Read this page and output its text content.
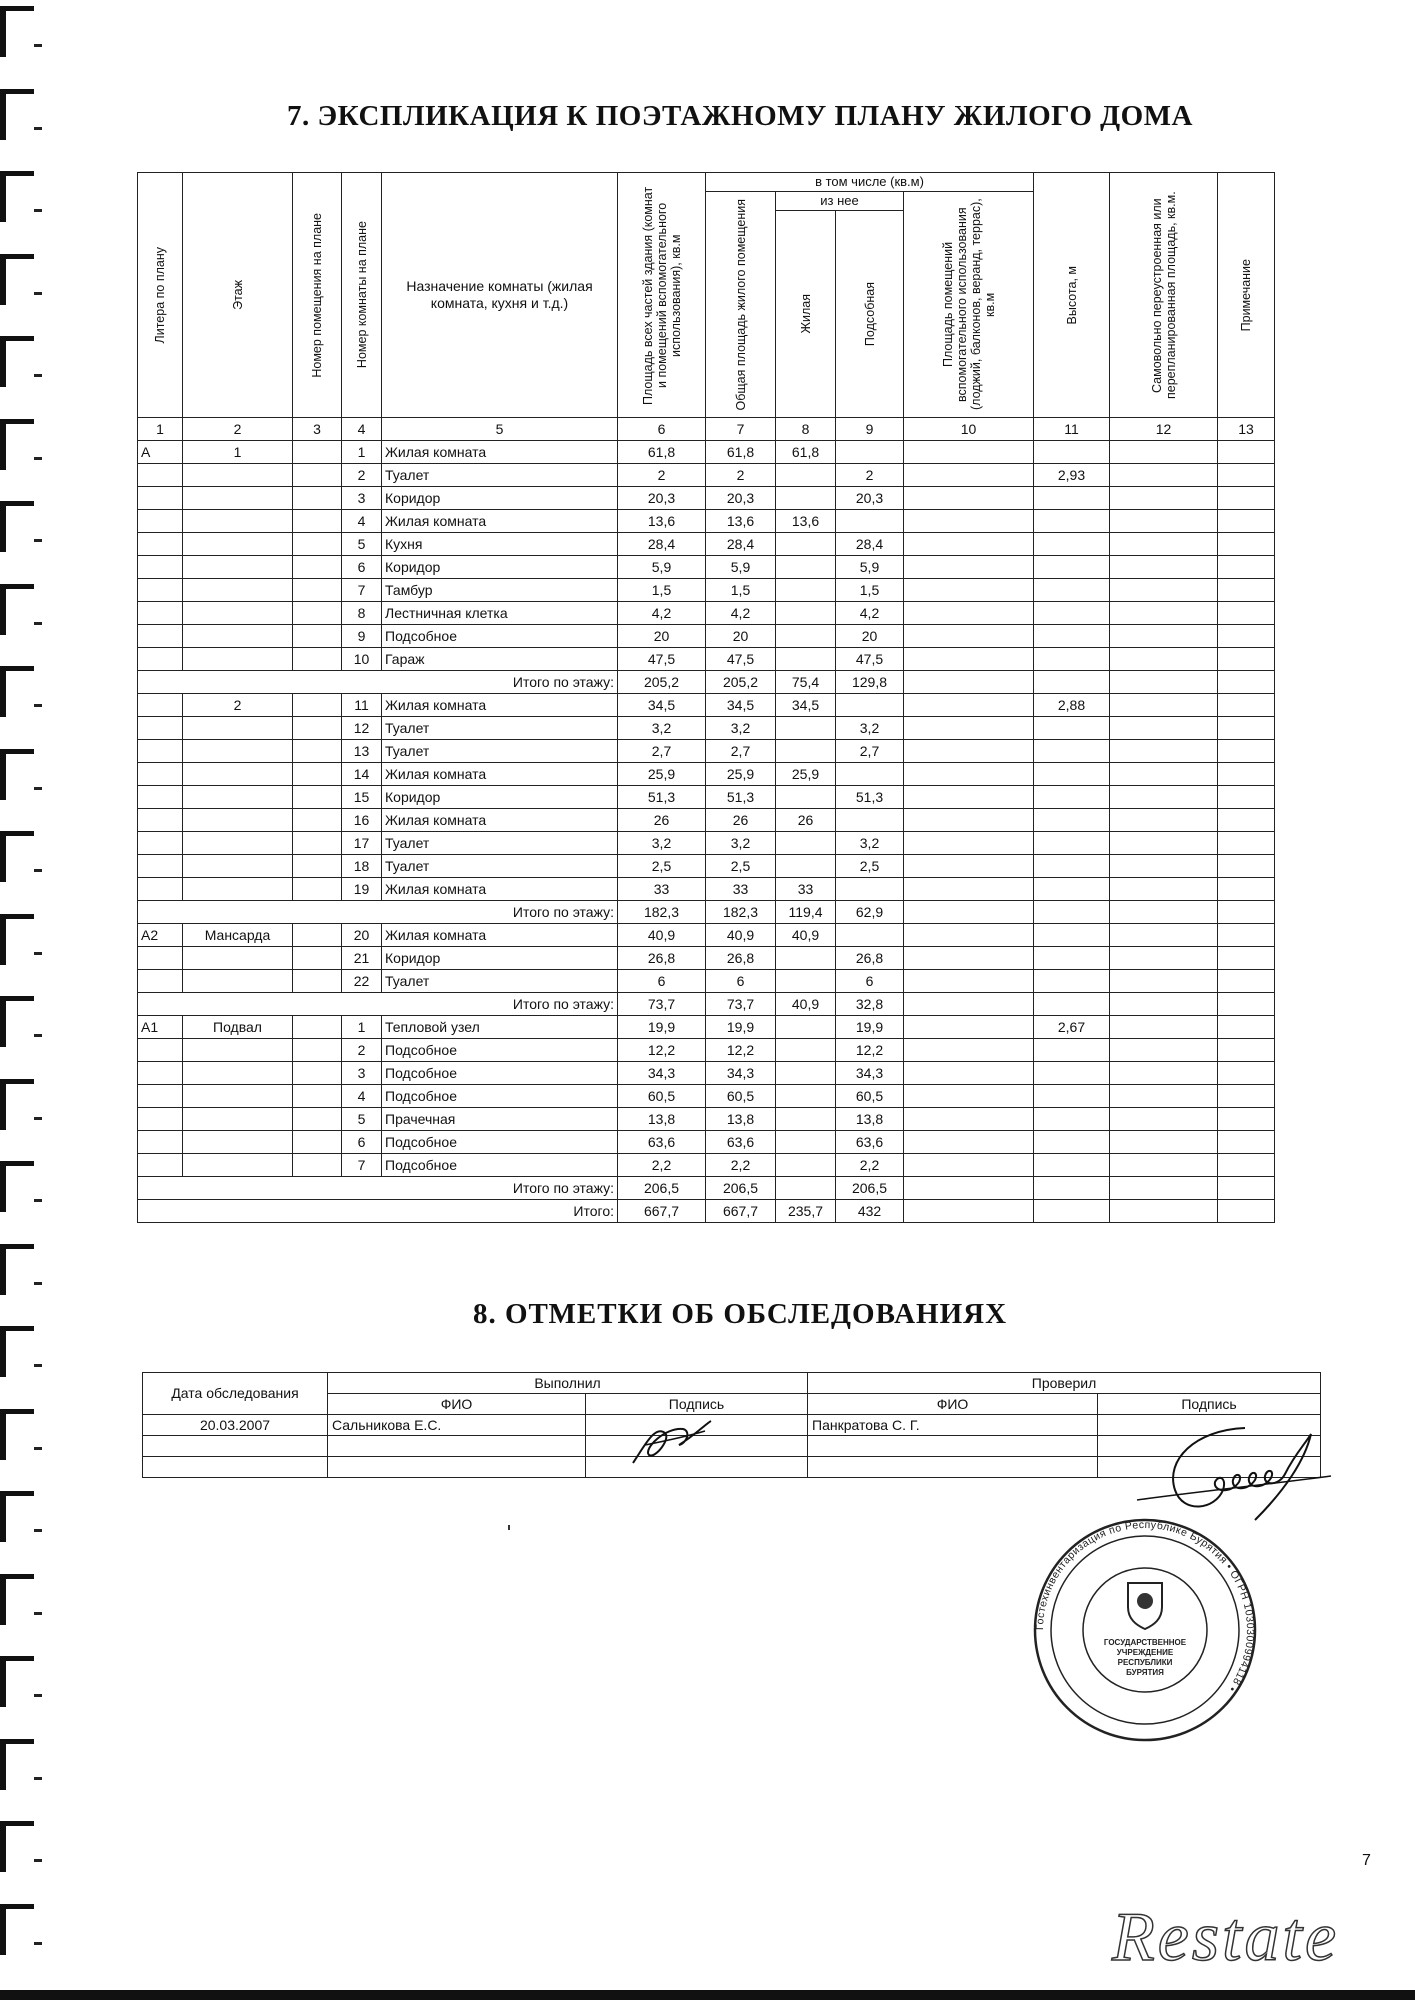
7. ЭКСПЛИКАЦИЯ К ПОЭТАЖНОМУ ПЛАНУ ЖИЛОГО ДОМА
Литера по плану	Этаж	Номер помещения на плане	Номер комнаты на плане	Назначение комнаты (жилая комната, кухня и т.д.)	Площадь всех частей здания (комнат и помещений вспомогательного использования), кв.м	в том числе (кв.м)				Высота, м	Самовольно переустроенная или перепланированная площадь, кв.м.	Примечание

						Общая площадь жилого помещения	из нее		Площадь помещений вспомогательного использования (лоджий, балконов, веранд, террас), кв.м			

							Жилая	Подсобная				

1	2	3	4	5	6	7	8	9	10	11	12	13
А	1		1	Жилая комната	61,8	61,8	61,8					
			2	Туалет	2	2		2		2,93		
			3	Коридор	20,3	20,3		20,3				
			4	Жилая комната	13,6	13,6	13,6					
			5	Кухня	28,4	28,4		28,4				
			6	Коридор	5,9	5,9		5,9				
			7	Тамбур	1,5	1,5		1,5				
			8	Лестничная клетка	4,2	4,2		4,2				
			9	Подсобное	20	20		20				
			10	Гараж	47,5	47,5		47,5				
Итого по этажу:					205,2	205,2	75,4	129,8				
	2		11	Жилая комната	34,5	34,5	34,5			2,88		
			12	Туалет	3,2	3,2		3,2				
			13	Туалет	2,7	2,7		2,7				
			14	Жилая комната	25,9	25,9	25,9					
			15	Коридор	51,3	51,3		51,3				
			16	Жилая комната	26	26	26					
			17	Туалет	3,2	3,2		3,2				
			18	Туалет	2,5	2,5		2,5				
			19	Жилая комната	33	33	33					
Итого по этажу:					182,3	182,3	119,4	62,9				
А2	Мансарда		20	Жилая комната	40,9	40,9	40,9					
			21	Коридор	26,8	26,8		26,8				
			22	Туалет	6	6		6				
Итого по этажу:					73,7	73,7	40,9	32,8				
А1	Подвал		1	Тепловой узел	19,9	19,9		19,9		2,67		
			2	Подсобное	12,2	12,2		12,2				
			3	Подсобное	34,3	34,3		34,3				
			4	Подсобное	60,5	60,5		60,5				
			5	Прачечная	13,8	13,8		13,8				
			6	Подсобное	63,6	63,6		63,6				
			7	Подсобное	2,2	2,2		2,2				
Итого по этажу:					206,5	206,5		206,5				
Итого:					667,7	667,7	235,7	432				
8. ОТМЕТКИ ОБ ОБСЛЕДОВАНИЯХ
Дата обследования	Выполнил		Проверил	
	ФИО	Подпись	ФИО	Подпись
20.03.2007	Сальникова Е.С.		Панкратова С. Г.	

Гостехинвентаризация по Республике Бурятия • ОГРН 1030300994118 •
ГОСУДАРСТВЕННОЕ
УЧРЕЖДЕНИЕ
РЕСПУБЛИКИ
БУРЯТИЯ
7
Restate
